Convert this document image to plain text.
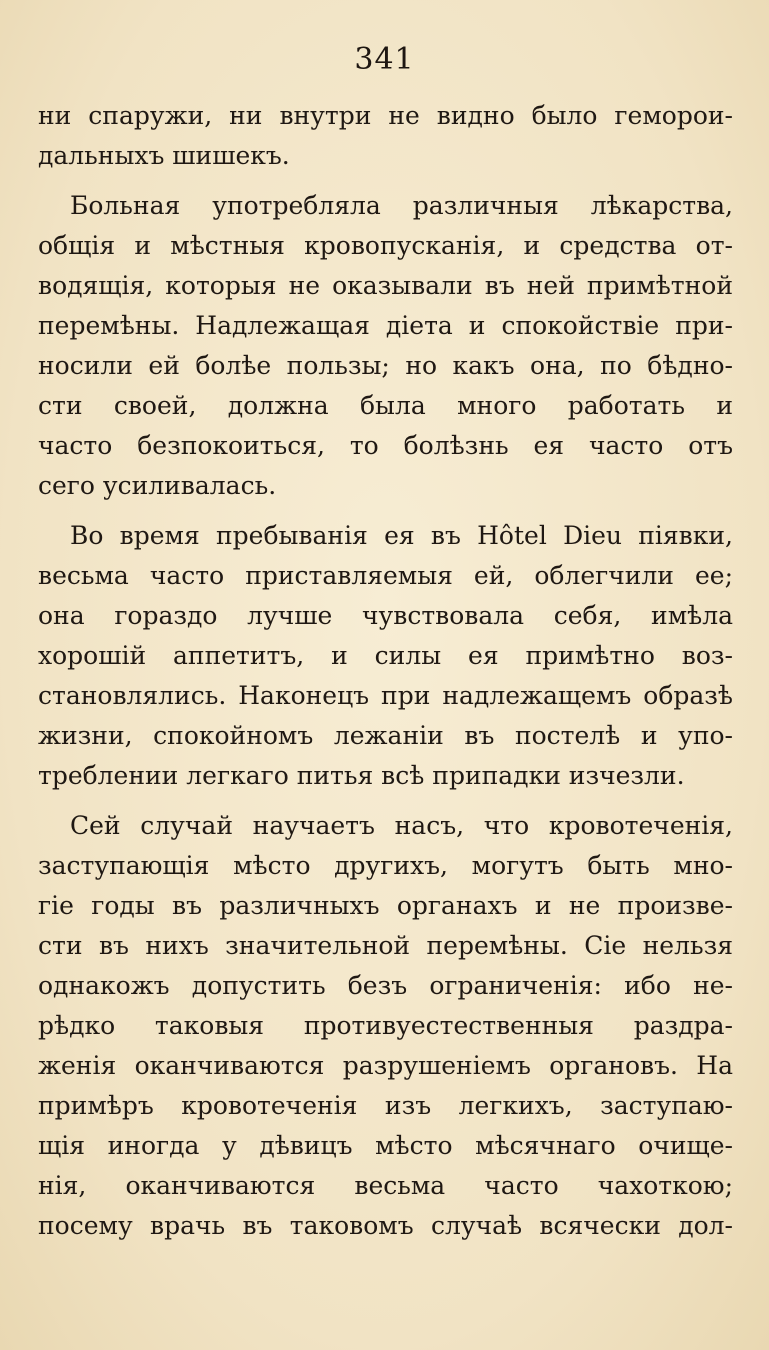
341
ни спаружи, ни внутри не видно было геморои-
дальныхъ шишекъ.
Больная употребляла различныя лѣкарства,
общія и мѣстныя кровопусканія, и средства от-
водящія, которыя не оказывали въ ней примѣтной
перемѣны. Надлежащая діета и спокойствіе при-
носили ей болѣе пользы; но какъ она, по бѣдно-
сти своей, должна была много работать и
часто безпокоиться, то болѣзнь ея часто отъ
сего усиливалась.
Во время пребыванія ея въ Hôtel Dieu піявки,
весьма часто приставляемыя ей, облегчили ее;
она гораздо лучше чувствовала себя, имѣла
хорошій аппетитъ, и силы ея примѣтно воз-
становлялись. Наконецъ при надлежащемъ образѣ
жизни, спокойномъ лежаніи въ постелѣ и упо-
треблении легкаго питья всѣ припадки изчезли.
Сей случай научаетъ насъ, что кровотеченія,
заступающія мѣсто другихъ, могутъ быть мно-
гіе годы въ различныхъ органахъ и не произве-
сти въ нихъ значительной перемѣны. Сіе нельзя
однакожъ допустить безъ ограниченія: ибо не-
рѣдко таковыя противуестественныя раздра-
женія оканчиваются разрушеніемъ органовъ. На
примѣръ кровотеченія изъ легкихъ, заступаю-
щія иногда у дѣвицъ мѣсто мѣсячнаго очище-
нія, оканчиваются весьма часто чахоткою;
посему врачь въ таковомъ случаѣ всячески дол-
